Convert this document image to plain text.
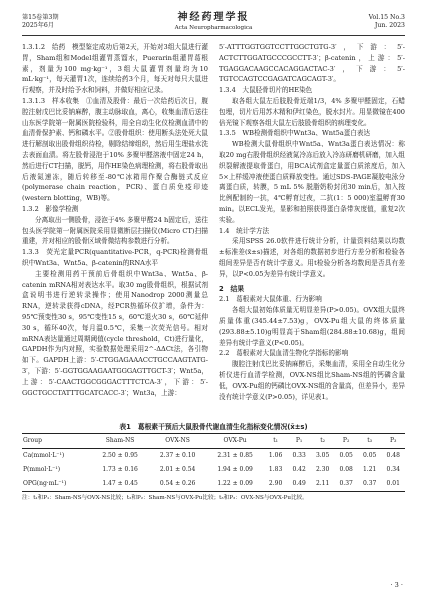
第15卷第3期
2025年6月
神经药理学报
Acta Neuropharmacologica
Vol.15 No.3
Jun. 2023

1.3.1.2　给药　模型鉴定成功后第2天，开始对3组大鼠进行灌胃，Sham组和Model组灌胃蒸馏水，Puerarin组灌胃葛根素，剂量为100 mg·kg⁻¹，3组大鼠灌胃剂量均为10 mL·kg⁻¹，每天灌胃1次，连续给药3个月，每天对每只大鼠进行观察，并及时给予水和饲料，并做好相应记录。

1.3.1.3　样本收集　①血清及股骨：最后一次给药后次日，腹腔注射戊巴比妥钠麻醉，腹主动脉取血，离心，收集血清后送往山东医学院第一附属医院检验科，用全自动生化仪检测血清中的血清骨保护素、钙和磷水平。②股骨组织：使用断头法处死大鼠进行解剖取出股骨组织待检，剔除结缔组织，然后用生理盐水洗去表面血渍。将左股骨浸泡于10% 多聚甲醛溶液中固定24 h，然后进行CT扫描，脱钙，用作HE染色病理检测，将右股骨取出后液氮速冻，随后转移至-80℃冰箱用作聚合酶链式反应(polymerase chain reaction，PCR)、蛋白质免疫印迹(western blotting，WB)等。

1.3.2　影像学检测

分离取出一侧股骨，浸泡于4% 多聚甲醛24 h固定后，送往包头医学院第一附属医院采用显微断层扫描仪(Micro CT)扫描重建，并对相应的股骨区域骨微结构参数进行分析。

1.3.3　荧光定量PCR(quantitative-PCR，q-PCR)检测骨组织中Wnt3a、Wnt5a、β-catenin的RNA水平

主要检测用药干预前后骨组织中Wnt3a、Wnt5a、β-catenin mRNA相对表达水平。取30 mg股骨组织，根据试剂盒说明书进行逆转录操作；使用Nanodrop 2000测量总RNA，逆转录获得cDNA，经PCR热循环仪扩增，条件为：95℃预变性30 s，95℃变性15 s，60℃退火30 s，60℃延伸30 s，循环40次，每月温0.5℃，采集一次荧光信号。相对mRNA表达量通过周期阈值(cycle threshold，Ct)进行量化，GAPDH作为内对照，实验数据处理采用2^-ΔΔCt法，各引物如下。GAPDH上游：5′-CTGGAGAAACCTGCCAAGTATG-3′，下游：5′-GGTGGAAGAATGGGAGTTGCT-3′；Wnt5a，上游：5′-CAACTGGCGGGACTTTCTCA-3′，下游：5′-GGCTGCCTATTTGCATCACC-3′；Wnt3a，上游：

5′-ATTTGGTGGTCCTTGGCTGTG-3′，下游：5′-ACTCTTGGATGCCCGCCTT-3′；β-catenin，上游：5′-TGAGGACAAGCCACAGGACTAC-3′，下游：5′-TGTCCAGTCCGAGATCAGCAGT-3′。

1.3.4　大鼠胫骨切片的HE染色

取各组大鼠左后肢股骨近端1/3，4% 多聚甲醛固定，石蜡包埋，切片后用苏木精和伊红染色，脱水封片。用显微镜在400倍光镜下观察各组大鼠左后肢股骨组织的病理变化。

1.3.5　WB检测骨组织中Wnt3a、Wnt5a蛋白表达

WB检测大鼠骨组织中Wnt5a、Wnt3a蛋白表达情况：称取20 mg右股骨组织经液氮冷冻后放入冷冻研磨机研磨，加入组织裂解液提取骨蛋白，用BCA试剂盒定量蛋白质浓度后，加入5×上样缓冲液使蛋白质释放变性。通过SDS-PAGE凝胶电泳分离蛋白质，转膜，5 mL 5% 脱脂奶粉封闭30 min后，加入按比例配制的一抗，4℃孵育过夜，二抗(1：5 000)室温孵育30 min。以ECL发光，显影和拍照获得蛋白条带灰度值，重复2次实验。

1.4　统计学方法

采用SPSS 26.0软件进行统计分析，计量资料结果以均数±标准差(x̄±s)描述，对各组的数据初步进行方差分析和检验各组间差异是否有统计学意义。用t检验分析各均数间是否具有差异，以P<0.05为差异有统计学意义。

2　结果

2.1　葛根素对大鼠体重、行为影响

各组大鼠初始体质量无明显差异(P>0.05)。OVX组大鼠终质量体重(345.44±7.53)g，OVX-Pu组大鼠的终体质量(293.88±5.10)g明显高于Sham组(284.88±10.68)g，组间差异有统计学意义(P<0.05)。

2.2　葛根素对大鼠血清生物化学指标的影响

腹腔注射戊巴比妥钠麻醉后，采集血清，采用全自动生化分析仪进行血清学检测，OVX-NS组比Sham-NS组的钙磷含量低，OVX-Pu组的钙磷比OVX-NS组的含量高，但差异小，差异没有统计学意义(P>0.05)，详见表1。

表1　葛根素干预后大鼠股骨代谢血清生化指标变化情况(x̄±s)
Group	Sham-NS	OVX-NS	OVX-Pu	t₁	P₁	t₂	P₂	t₃	P₃
Ca(mmol·L⁻¹)	2.50 ± 0.95	2.37 ± 0.10	2.31 ± 0.85	1.06	0.33	3.05	0.05	0.05	0.48
P(mmol·L⁻¹)	1.73 ± 0.16	2.01 ± 0.54	1.94 ± 0.09	1.83	0.42	2.30	0.08	1.21	0.34
OPG(ng·mL⁻¹)	1.47 ± 0.45	0.54 ± 0.26	1.22 ± 0.09	2.90	0.49	2.11	0.37	0.37	0.01
注：t₁和P₁：Sham-NS与OVX-NS比较；t₂和P₂：Sham-NS与OVX-Pu比较；t₃和P₃：OVX-NS与OVX-Pu比较。
· 3 ·
